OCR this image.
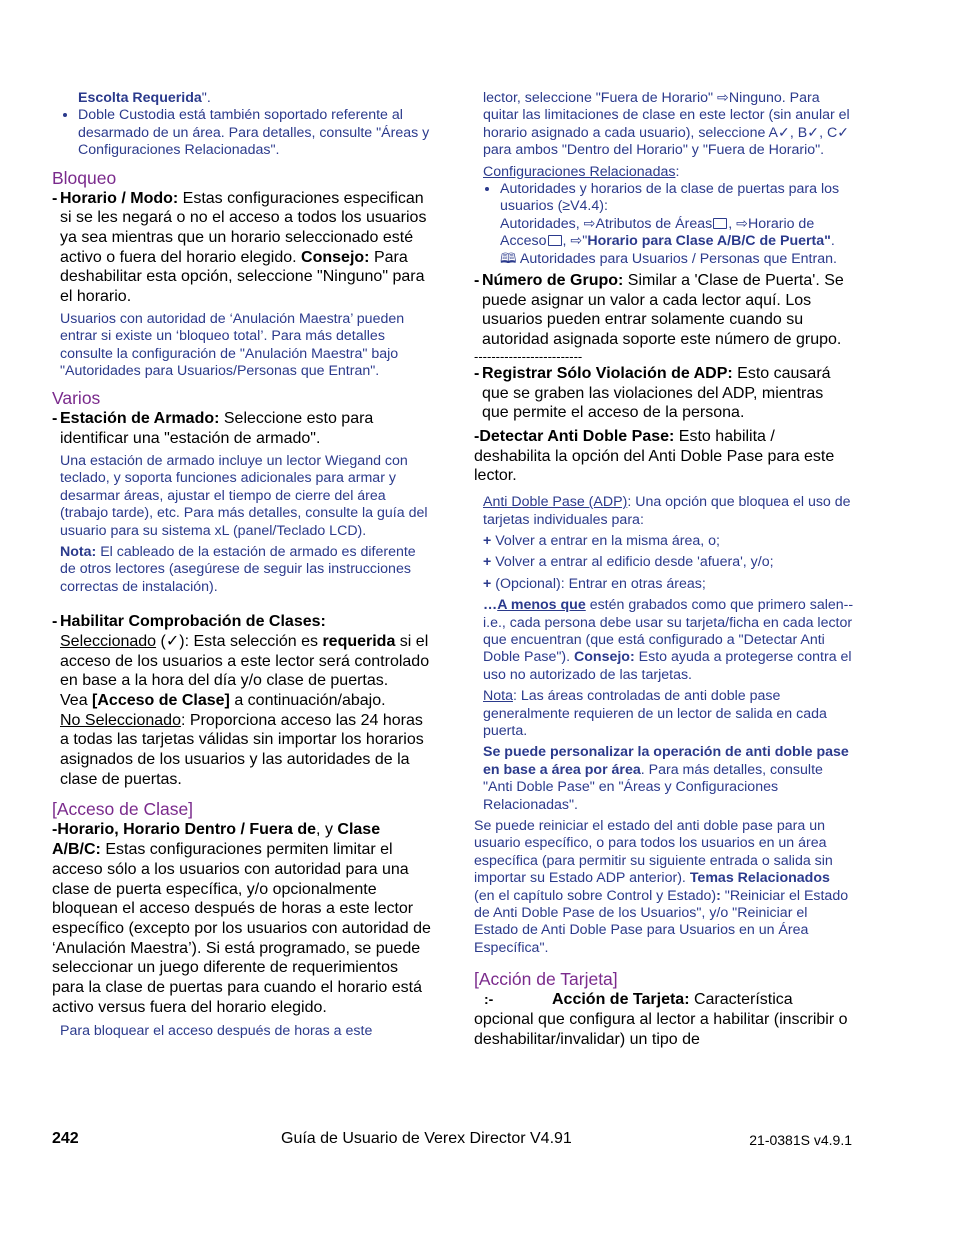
Escolta Requerida".
• Doble Custodia está también soportado referente al desarmado de un área. Para detalles, consulte "Áreas y Configuraciones Relacionadas".
Bloqueo
- Horario / Modo: Estas configuraciones especifican si se les negará o no el acceso a todos los usuarios ya sea mientras que un horario seleccionado esté activo o fuera del horario elegido. Consejo: Para deshabilitar esta opción, seleccione "Ninguno" para el horario.
Usuarios con autoridad de ‘Anulación Maestra’ pueden entrar si existe un ‘bloqueo total’. Para más detalles consulte la configuración de "Anulación Maestra" bajo "Autoridades para Usuarios/Personas que Entran".
Varios
- Estación de Armado: Seleccione esto para identificar una "estación de armado".
Una estación de armado incluye un lector Wiegand con teclado, y soporta funciones adicionales para armar y desarmar áreas, ajustar el tiempo de cierre del área (trabajo tarde), etc. Para más detalles, consulte la guía del usuario para su sistema xL (panel/Teclado LCD).
Nota: El cableado de la estación de armado es diferente de otros lectores (asegúrese de seguir las instrucciones correctas de instalación).
- Habilitar Comprobación de Clases:
Seleccionado (✓): Esta selección es requerida si el acceso de los usuarios a este lector será controlado en base a la hora del día y/o clase de puertas.
Vea [Acceso de Clase] a continuación/abajo.
No Seleccionado: Proporciona acceso las 24 horas a todas las tarjetas válidas sin importar los horarios asignados de los usuarios y las autoridades de la clase de puertas.
[Acceso de Clase]
-Horario, Horario Dentro / Fuera de, y Clase A/B/C: Estas configuraciones permiten limitar el acceso sólo a los usuarios con autoridad para una clase de puerta específica, y/o opcionalmente bloquean el acceso después de horas a este lector específico (excepto por los usuarios con autoridad de ‘Anulación Maestra’). Si está programado, se puede seleccionar un juego diferente de requerimientos para la clase de puertas para cuando el horario está activo versus fuera del horario elegido.
Para bloquear el acceso después de horas a este
lector, seleccione "Fuera de Horario" ⇨Ninguno. Para quitar las limitaciones de clase en este lector (sin anular el horario asignado a cada usuario), seleccione A✓, B✓, C✓ para ambos "Dentro del Horario" y "Fuera de Horario".
Configuraciones Relacionadas:
• Autoridades y horarios de la clase de puertas para los usuarios (≥V4.4):
Autoridades, ⇨Atributos de Áreas , ⇨Horario de Acceso , ⇨"Horario para Clase A/B/C de Puerta".
🕮 Autoridades para Usuarios / Personas que Entran.
- Número de Grupo: Similar a 'Clase de Puerta'. Se puede asignar un valor a cada lector aquí. Los usuarios pueden entrar solamente cuando su autoridad asignada soporte este número de grupo.
-------------------------
- Registrar Sólo Violación de ADP: Esto causará que se graben las violaciones del ADP, mientras que permite el acceso de la persona.
-Detectar Anti Doble Pase: Esto habilita / deshabilita la opción del Anti Doble Pase para este lector.
Anti Doble Pase (ADP): Una opción que bloquea el uso de tarjetas individuales para:
+ Volver a entrar en la misma área, o;
+ Volver a entrar al edificio desde 'afuera', y/o;
+ (Opcional): Entrar en otras áreas;
…A menos que estén grabados como que primero salen--i.e., cada persona debe usar su tarjeta/ficha en cada lector que encuentran (que está configurado a "Detectar Anti Doble Pase"). Consejo: Esto ayuda a protegerse contra el uso no autorizado de las tarjetas.
Nota: Las áreas controladas de anti doble pase generalmente requieren de un lector de salida en cada puerta.
Se puede personalizar la operación de anti doble pase en base a área por área. Para más detalles, consulte "Anti Doble Pase" en "Áreas y Configuraciones Relacionadas".
Se puede reiniciar el estado del anti doble pase para un usuario específico, o para todos los usuarios en un área específica (para permitir su siguiente entrada o salida sin importar su Estado ADP anterior). Temas Relacionados (en el capítulo sobre Control y Estado): "Reiniciar el Estado de Anti Doble Pase de los Usuarios", y/o "Reiniciar el Estado de Anti Doble Pase para Usuarios en un Área Específica".
[Acción de Tarjeta]
:-	Acción de Tarjeta: Característica opcional que configura al lector a habilitar (inscribir o deshabilitar/invalidar) un tipo de
242	Guía de Usuario de Verex Director V4.91	21-0381S v4.9.1
